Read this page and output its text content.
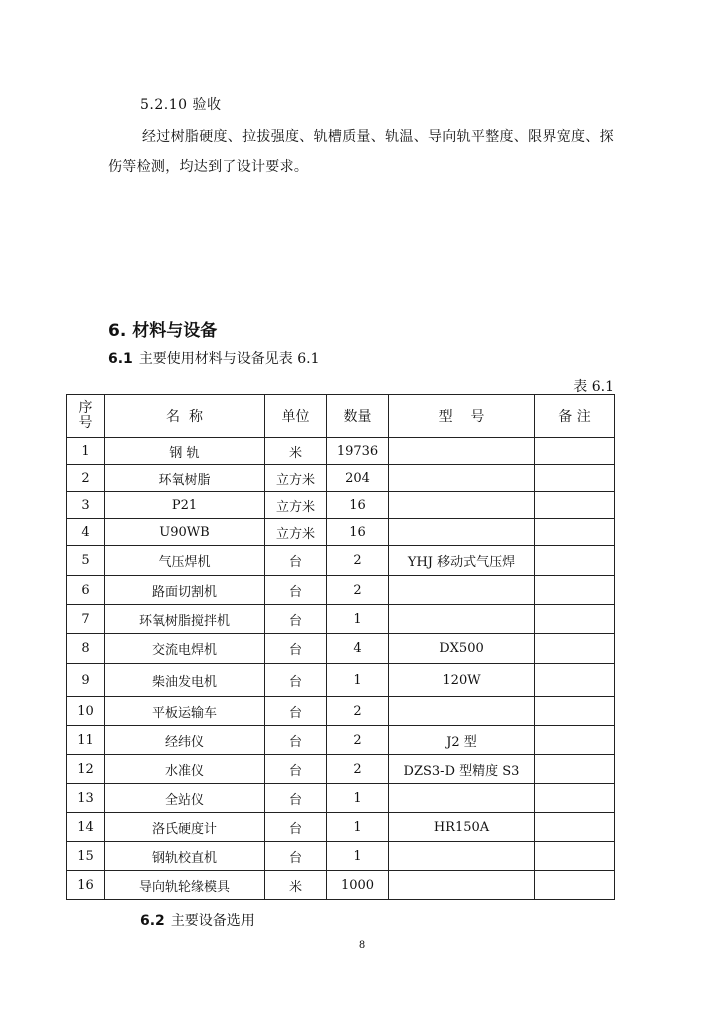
5.2.10 验收
经过树脂硬度、拉拔强度、轨槽质量、轨温、导向轨平整度、限界宽度、探伤等检测，均达到了设计要求。
6. 材料与设备
6.1 主要使用材料与设备见表 6.1
表 6.1
序
号	名  称	单位	数量	型    号	备 注
1	钢 轨	米	19736		
2	环氧树脂	立方米	204		
3	P21	立方米	16		
4	U90WB	立方米	16		
5	气压焊机	台	2	YHJ 移动式气压焊	
6	路面切割机	台	2		
7	环氧树脂搅拌机	台	1		
8	交流电焊机	台	4	DX500	
9	柴油发电机	台	1	120W	
10	平板运输车	台	2		
11	经纬仪	台	2	J2 型	
12	水准仪	台	2	DZS3-D 型精度 S3	
13	全站仪	台	1		
14	洛氏硬度计	台	1	HR150A	
15	钢轨校直机	台	1		
16	导向轨轮缘模具	米	1000		
6.2 主要设备选用
8
